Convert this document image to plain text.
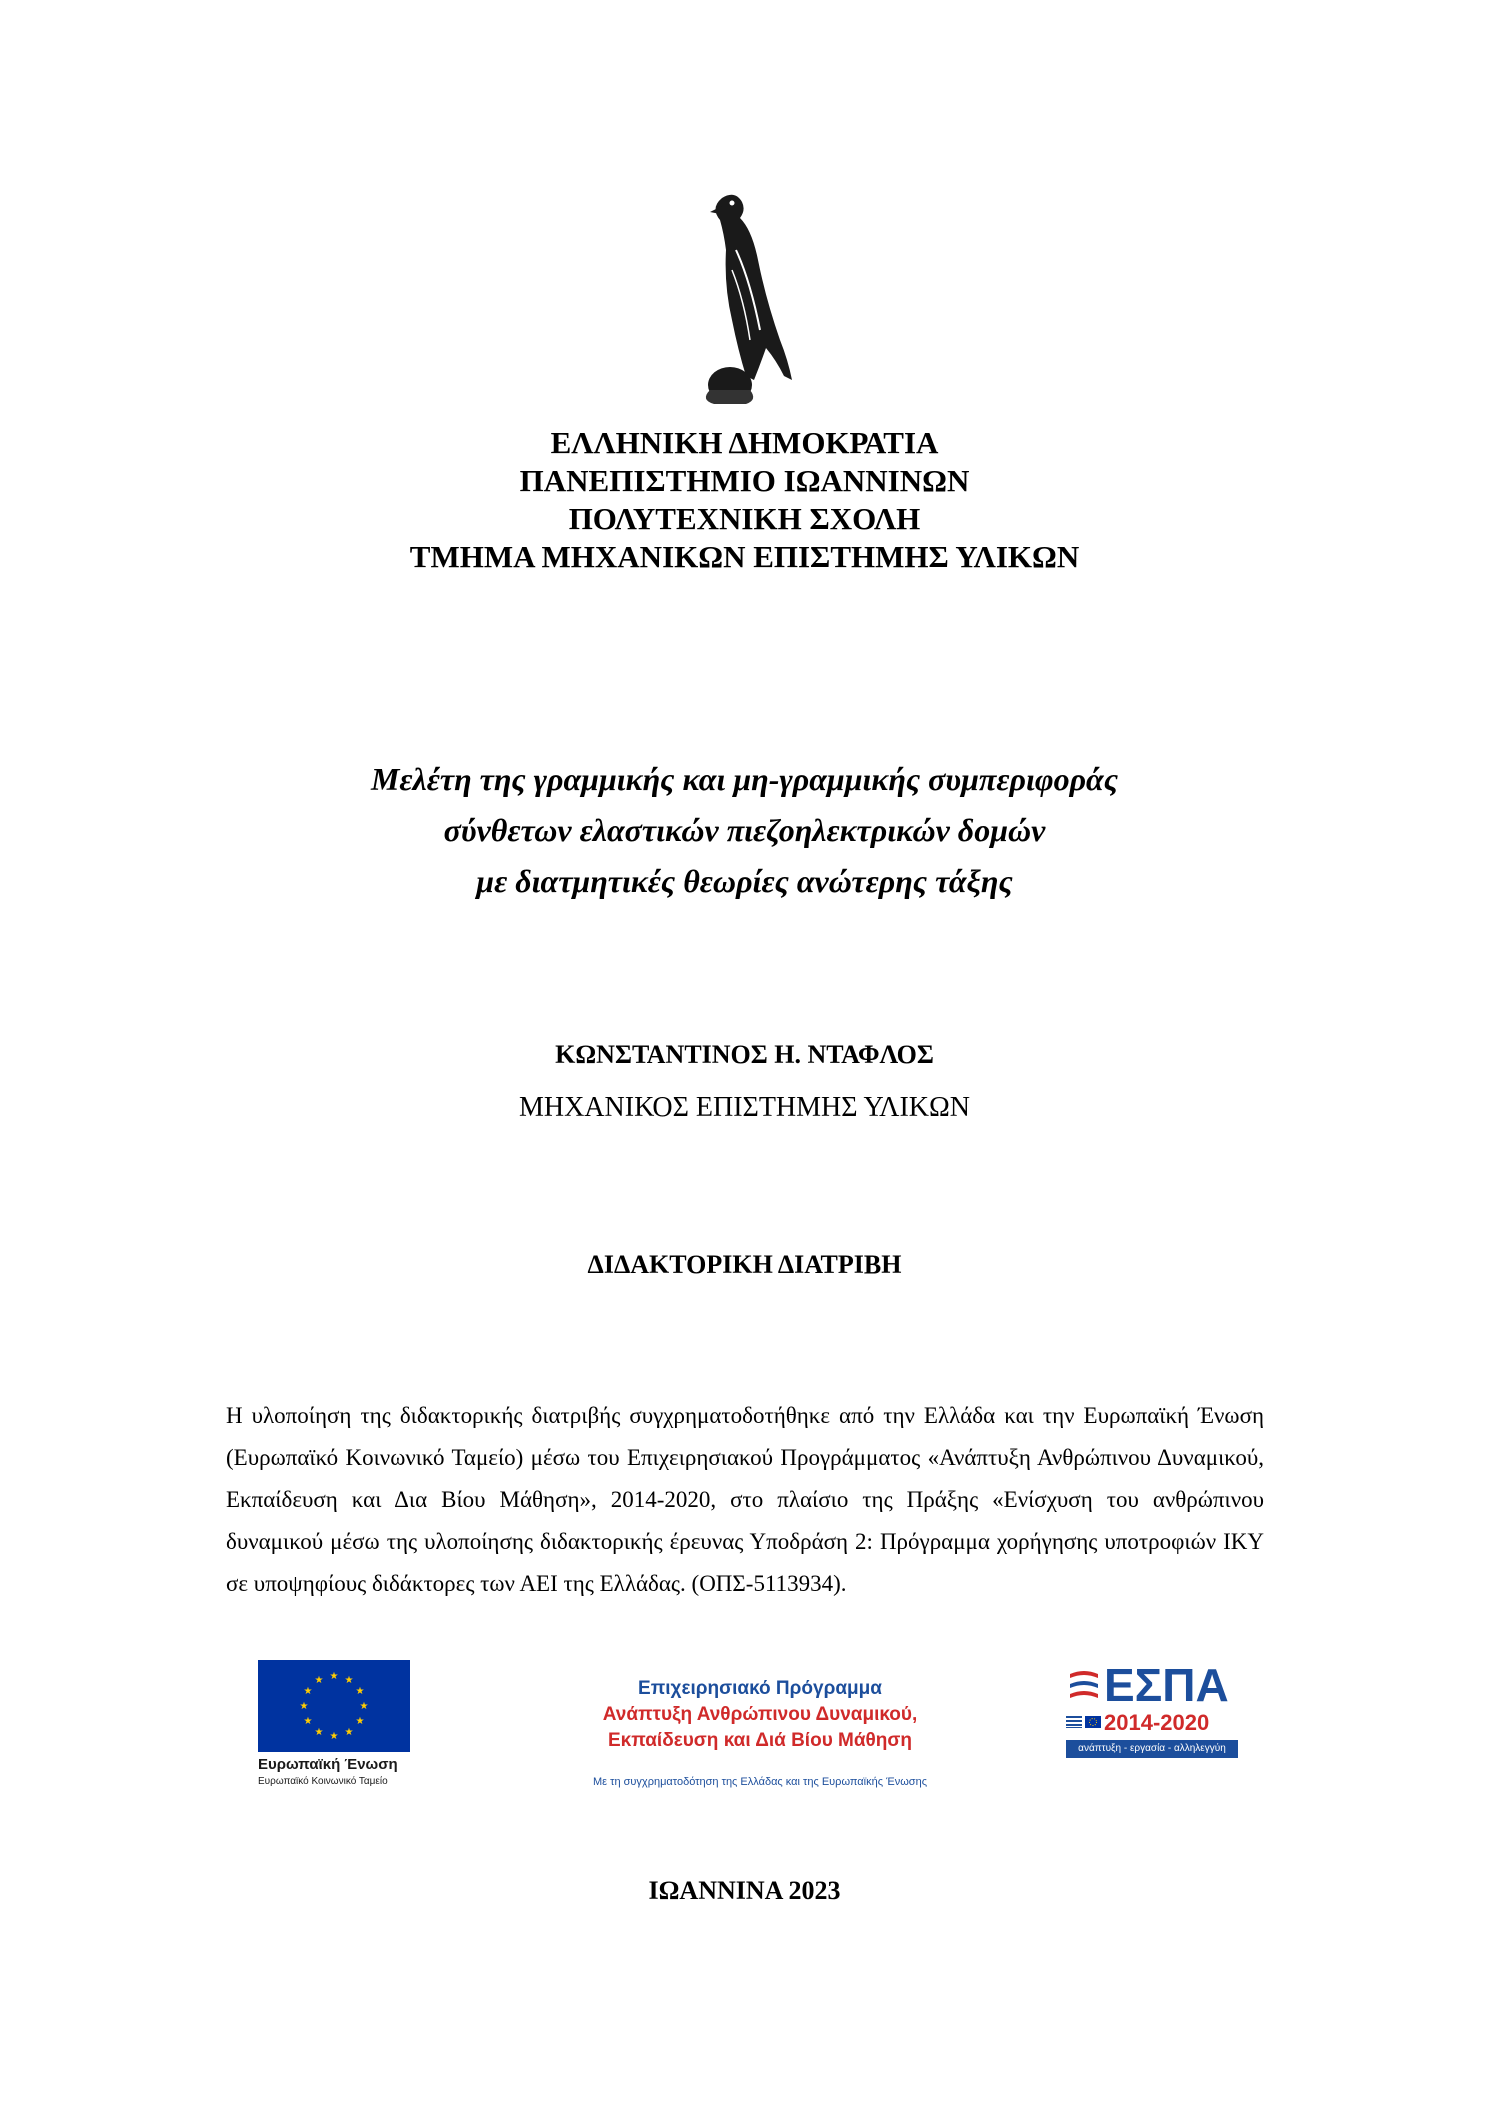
ΕΛΛΗΝΙΚΗ ΔΗΜΟΚΡΑΤΙΑ
ΠΑΝΕΠΙΣΤΗΜΙΟ ΙΩΑΝΝΙΝΩΝ
ΠΟΛΥΤΕΧΝΙΚΗ ΣΧΟΛΗ
ΤΜΗΜΑ ΜΗΧΑΝΙΚΩΝ ΕΠΙΣΤΗΜΗΣ ΥΛΙΚΩΝ
Μελέτη της γραμμικής και μη-γραμμικής συμπεριφοράς
σύνθετων ελαστικών πιεζοηλεκτρικών δομών
με διατμητικές θεωρίες ανώτερης τάξης
ΚΩΝΣΤΑΝΤΙΝΟΣ Η. ΝΤΑΦΛΟΣ
ΜΗΧΑΝΙΚΟΣ ΕΠΙΣΤΗΜΗΣ ΥΛΙΚΩΝ
ΔΙΔΑΚΤΟΡΙΚΗ ΔΙΑΤΡΙΒΗ
Η υλοποίηση της διδακτορικής διατριβής συγχρηματοδοτήθηκε από την Ελλάδα και την Ευρωπαϊκή Ένωση (Ευρωπαϊκό Κοινωνικό Ταμείο) μέσω του Επιχειρησιακού Προγράμματος «Ανάπτυξη Ανθρώπινου Δυναμικού, Εκπαίδευση και Δια Βίου Μάθηση», 2014-2020, στο πλαίσιο της Πράξης «Ενίσχυση του ανθρώπινου δυναμικού μέσω της υλοποίησης διδακτορικής έρευνας Υποδράση 2: Πρόγραμμα χορήγησης υποτροφιών ΙΚΥ σε υποψηφίους διδάκτορες των ΑΕΙ της Ελλάδας. (ΟΠΣ-5113934).
★ ★
★
★
★
★
★
★
★
★
★
★
Ευρωπαϊκή Ένωση
Ευρωπαϊκό Κοινωνικό Ταμείο
Επιχειρησιακό Πρόγραμμα
Ανάπτυξη Ανθρώπινου Δυναμικού,
Εκπαίδευση και Διά Βίου Μάθηση
Με τη συγχρηματοδότηση της Ελλάδας και της Ευρωπαϊκής Ένωσης
ΕΣΠΑ
2014-2020
ανάπτυξη - εργασία - αλληλεγγύη
ΙΩΑΝΝΙΝΑ 2023
